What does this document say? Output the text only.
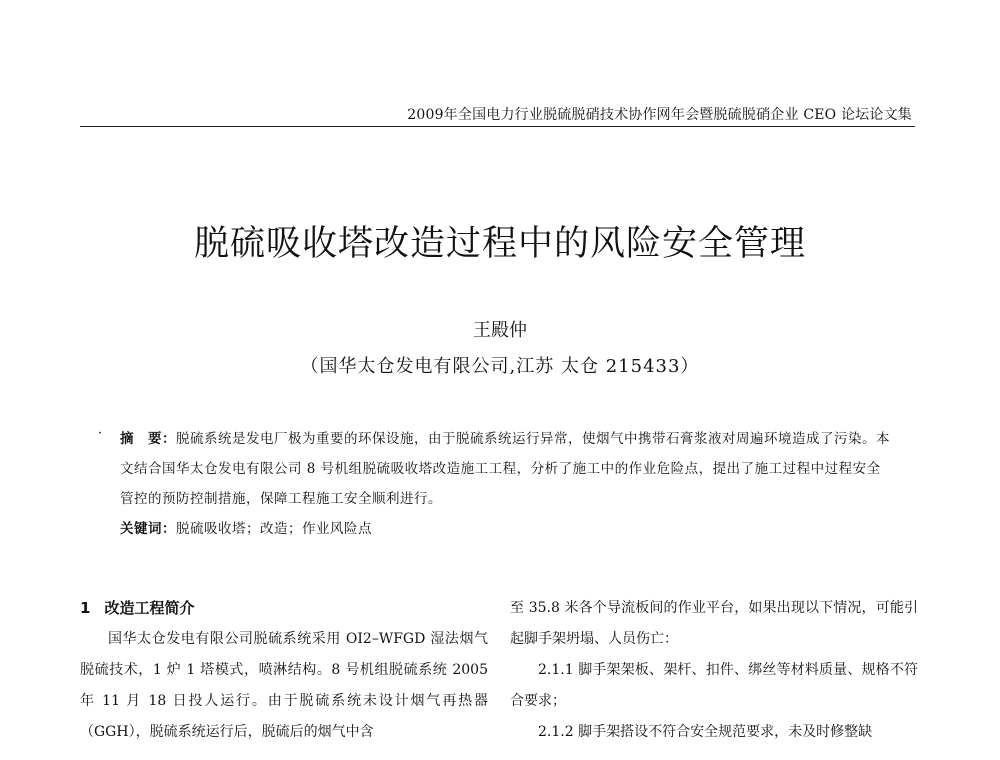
2009年全国电力行业脱硫脱硝技术协作网年会暨脱硫脱硝企业 CEO 论坛论文集
脱硫吸收塔改造过程中的风险安全管理
王殿仲
（国华太仓发电有限公司,江苏 太仓 215433）
· 摘　要：脱硫系统是发电厂极为重要的环保设施，由于脱硫系统运行异常，使烟气中携带石膏浆液对周遍环境造成了污染。本文结合国华太仓发电有限公司 8 号机组脱硫吸收塔改造施工工程，分析了施工中的作业危险点，提出了施工过程中过程安全管控的预防控制措施，保障工程施工安全顺利进行。

关键词：脱硫吸收塔；改造；作业风险点

1 改造工程简介

国华太仓发电有限公司脱硫系统采用 OI2–WFGD 湿法烟气脱硫技术，1 炉 1 塔模式，喷淋结构。8 号机组脱硫系统 2005 年 11 月 18 日投人运行。由于脱硫系统未设计烟气再热器（GGH），脱硫系统运行后，脱硫后的烟气中含

至 35.8 米各个导流板间的作业平台，如果出现以下情况，可能引起脚手架坍塌、人员伤亡：

2.1.1 脚手架架板、架杆、扣件、绑丝等材料质量、规格不符合要求；

2.1.2 脚手架搭设不符合安全规范要求，未及时修整缺
